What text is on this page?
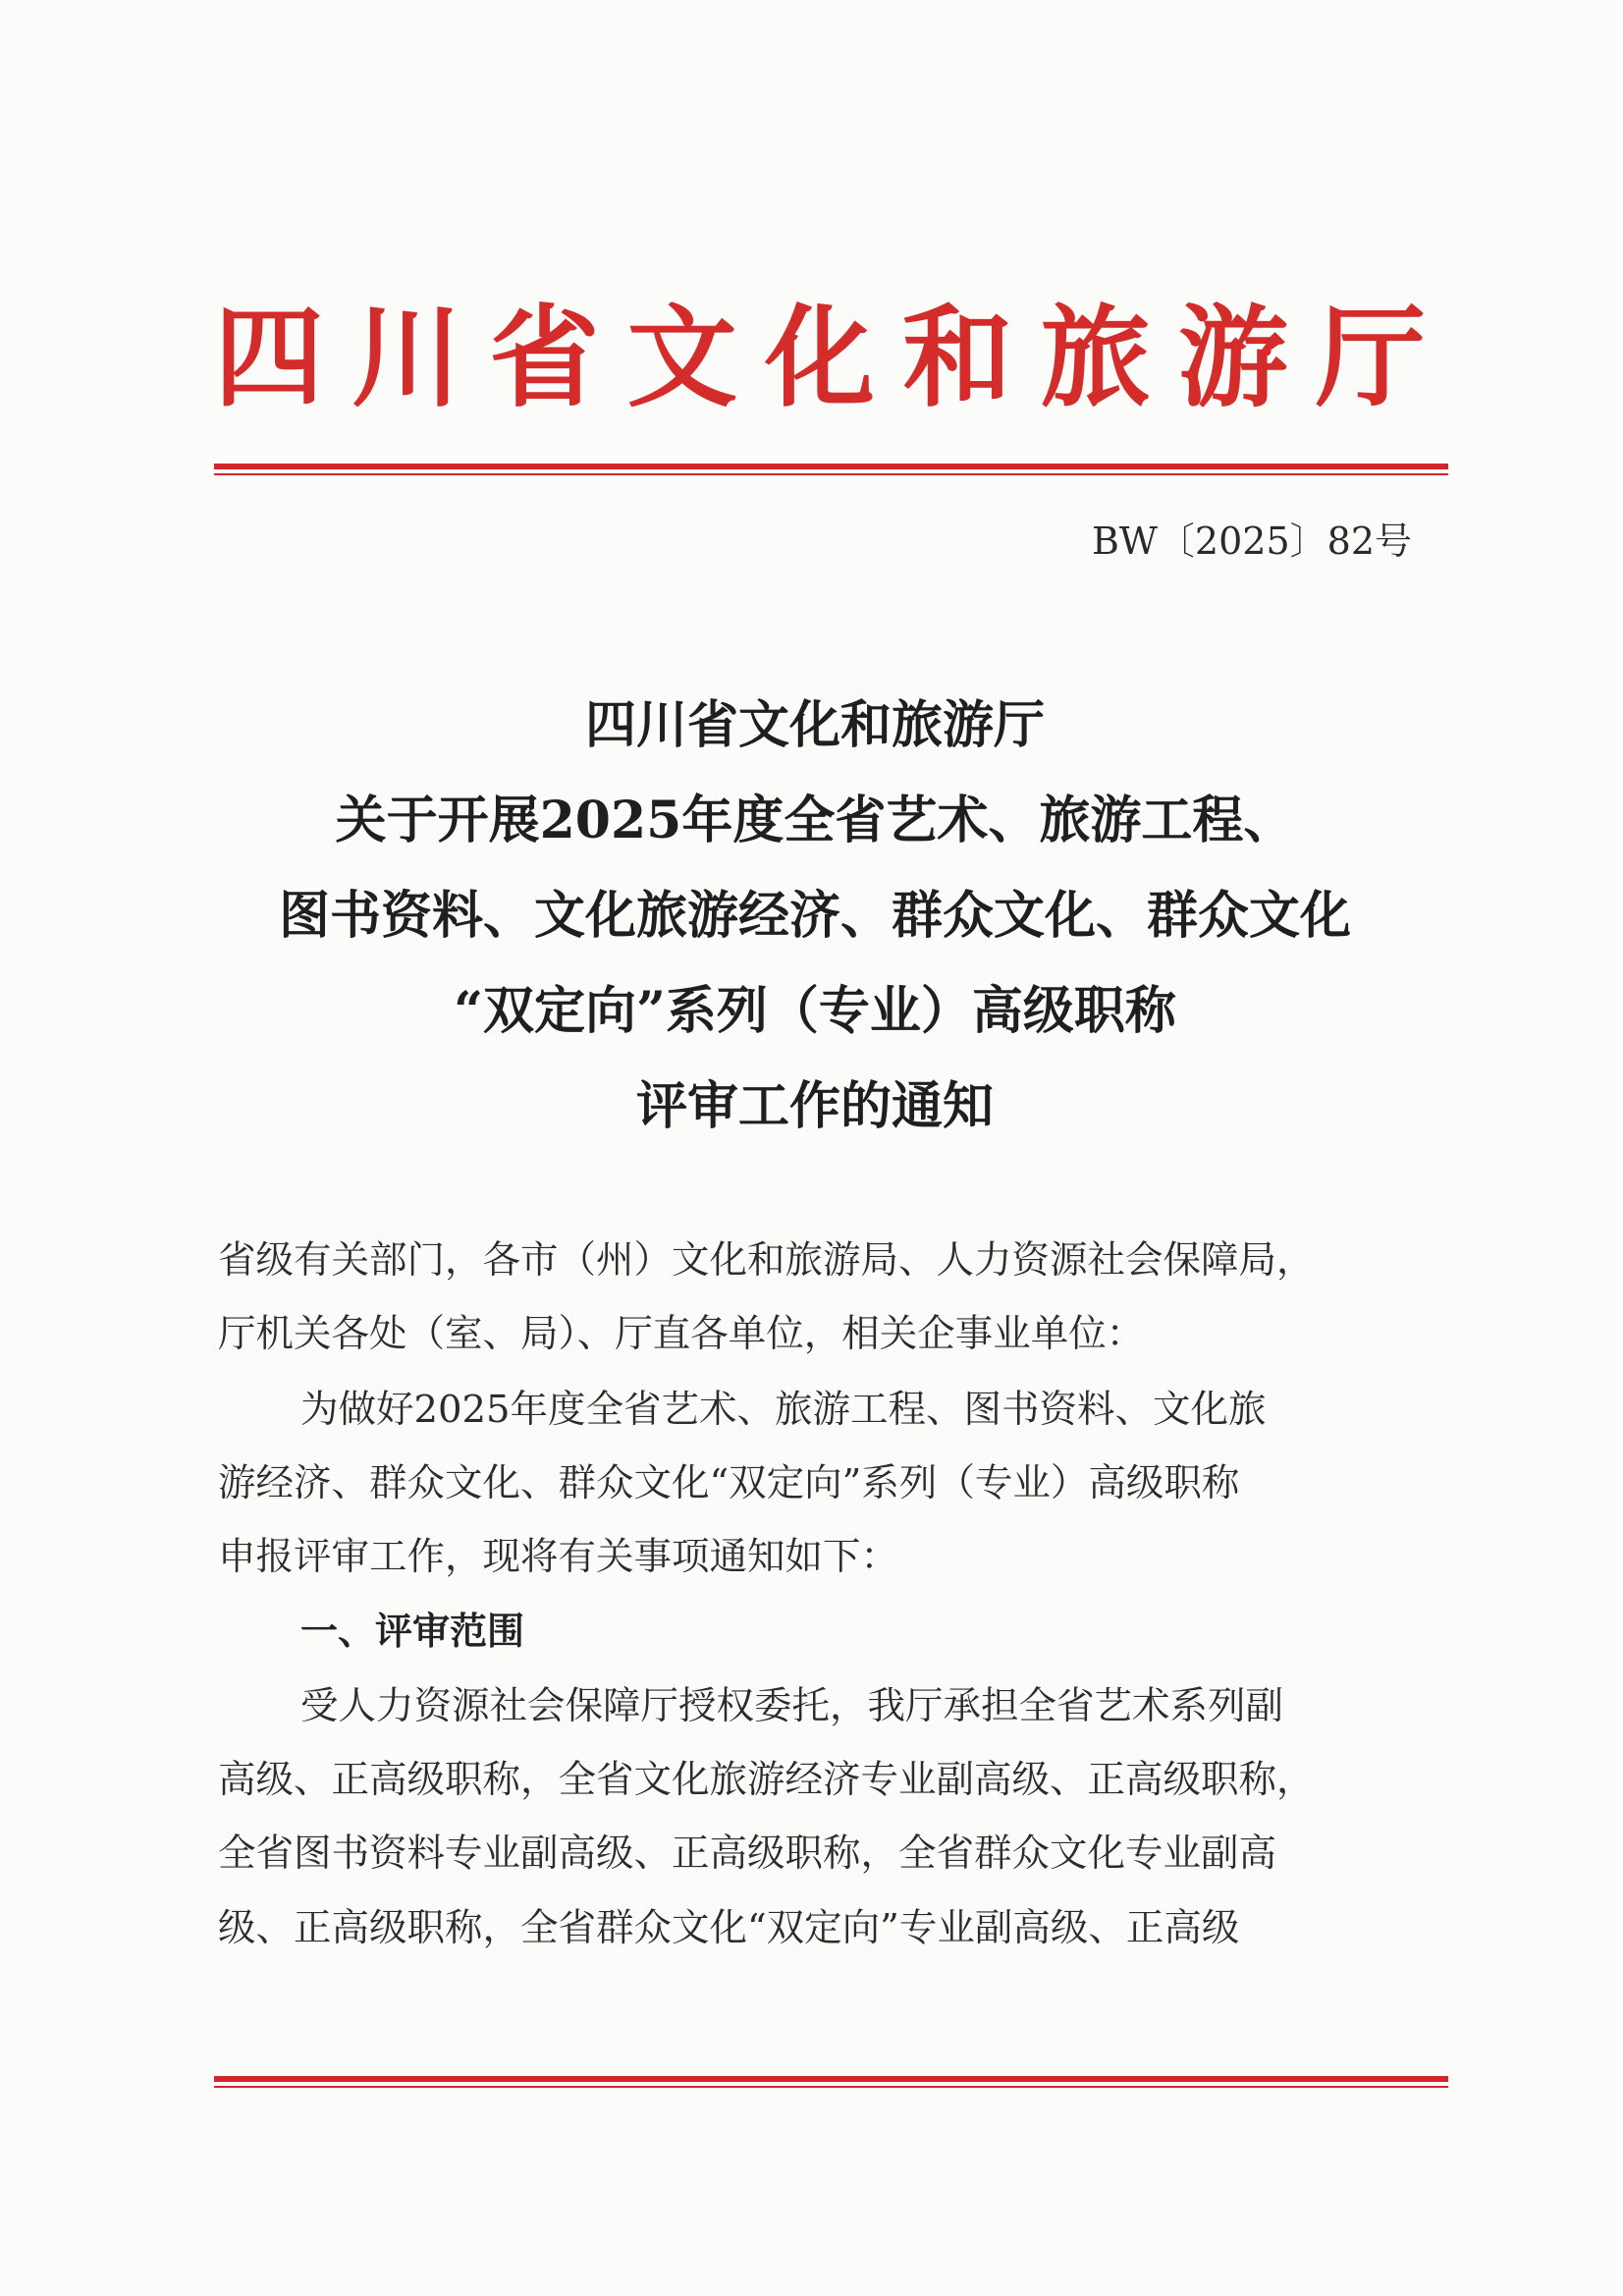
四 川 省 文 化 和 旅 游 厅
BW〔2025〕82号
四川省文化和旅游厅
关于开展2025年度全省艺术、旅游工程、
图书资料、文化旅游经济、群众文化、群众文化
“双定向”系列（专业）高级职称
评审工作的通知
省级有关部门，各市（州）文化和旅游局、人力资源社会保障局，
厅机关各处（室、局）、厅直各单位，相关企事业单位：
为做好2025年度全省艺术、旅游工程、图书资料、文化旅
游经济、群众文化、群众文化“双定向”系列（专业）高级职称
申报评审工作，现将有关事项通知如下：
一、评审范围
受人力资源社会保障厅授权委托，我厅承担全省艺术系列副
高级、正高级职称，全省文化旅游经济专业副高级、正高级职称，
全省图书资料专业副高级、正高级职称，全省群众文化专业副高
级、正高级职称，全省群众文化“双定向”专业副高级、正高级
